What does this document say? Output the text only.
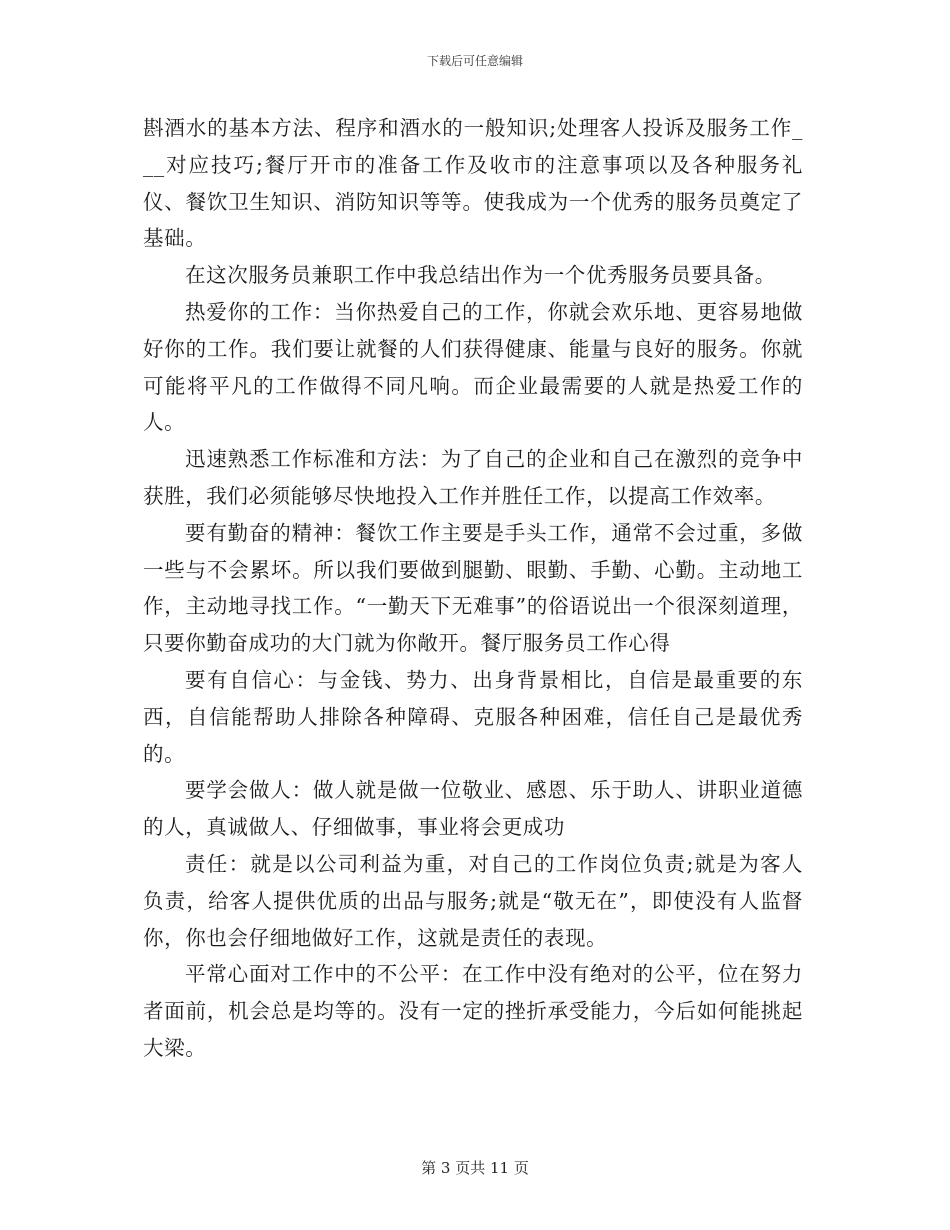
下载后可任意编辑

斟酒水的基本方法、程序和酒水的一般知识;处理客人投诉及服务工作___对应技巧;餐厅开市的准备工作及收市的注意事项以及各种服务礼仪、餐饮卫生知识、消防知识等等。使我成为一个优秀的服务员奠定了基础。

在这次服务员兼职工作中我总结出作为一个优秀服务员要具备。

热爱你的工作：当你热爱自己的工作，你就会欢乐地、更容易地做好你的工作。我们要让就餐的人们获得健康、能量与良好的服务。你就可能将平凡的工作做得不同凡响。而企业最需要的人就是热爱工作的人。

迅速熟悉工作标准和方法：为了自己的企业和自己在激烈的竞争中获胜，我们必须能够尽快地投入工作并胜任工作，以提高工作效率。

要有勤奋的精神：餐饮工作主要是手头工作，通常不会过重，多做一些与不会累坏。所以我们要做到腿勤、眼勤、手勤、心勤。主动地工作，主动地寻找工作。“一勤天下无难事”的俗语说出一个很深刻道理，只要你勤奋成功的大门就为你敞开。餐厅服务员工作心得

要有自信心：与金钱、势力、出身背景相比，自信是最重要的东西，自信能帮助人排除各种障碍、克服各种困难，信任自己是最优秀的。

要学会做人：做人就是做一位敬业、感恩、乐于助人、讲职业道德的人，真诚做人、仔细做事，事业将会更成功

责任：就是以公司利益为重，对自己的工作岗位负责;就是为客人负责，给客人提供优质的出品与服务;就是“敬无在”，即使没有人监督你，你也会仔细地做好工作，这就是责任的表现。

平常心面对工作中的不公平：在工作中没有绝对的公平，位在努力者面前，机会总是均等的。没有一定的挫折承受能力，今后如何能挑起大梁。

第 3 页共 11 页
